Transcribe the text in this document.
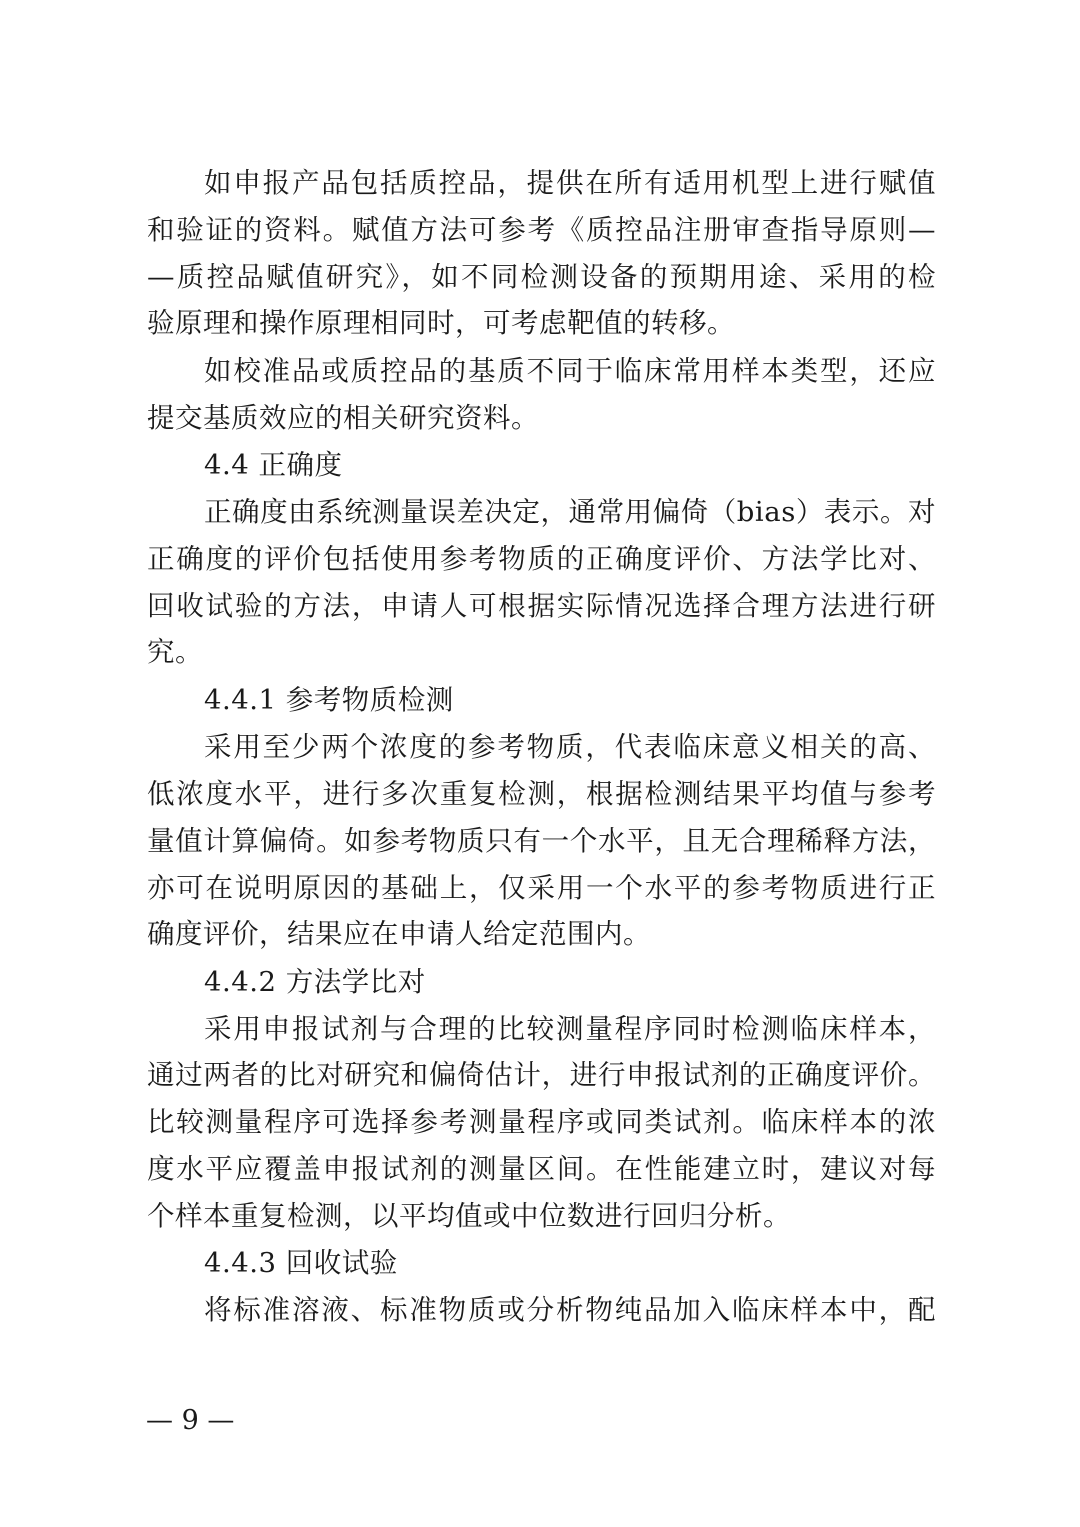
如申报产品包括质控品，提供在所有适用机型上进行赋值
和验证的资料。赋值方法可参考《质控品注册审查指导原则—
—质控品赋值研究》，如不同检测设备的预期用途、采用的检
验原理和操作原理相同时，可考虑靶值的转移。
如校准品或质控品的基质不同于临床常用样本类型，还应
提交基质效应的相关研究资料。
4.4 正确度
正确度由系统测量误差决定，通常用偏倚（bias）表示。对
正确度的评价包括使用参考物质的正确度评价、方法学比对、
回收试验的方法，申请人可根据实际情况选择合理方法进行研
究。
4.4.1 参考物质检测
采用至少两个浓度的参考物质，代表临床意义相关的高、
低浓度水平，进行多次重复检测，根据检测结果平均值与参考
量值计算偏倚。如参考物质只有一个水平，且无合理稀释方法，
亦可在说明原因的基础上，仅采用一个水平的参考物质进行正
确度评价，结果应在申请人给定范围内。
4.4.2 方法学比对
采用申报试剂与合理的比较测量程序同时检测临床样本，
通过两者的比对研究和偏倚估计，进行申报试剂的正确度评价。
比较测量程序可选择参考测量程序或同类试剂。临床样本的浓
度水平应覆盖申报试剂的测量区间。在性能建立时，建议对每
个样本重复检测，以平均值或中位数进行回归分析。
4.4.3 回收试验
将标准溶液、标准物质或分析物纯品加入临床样本中，配
— 9 —
